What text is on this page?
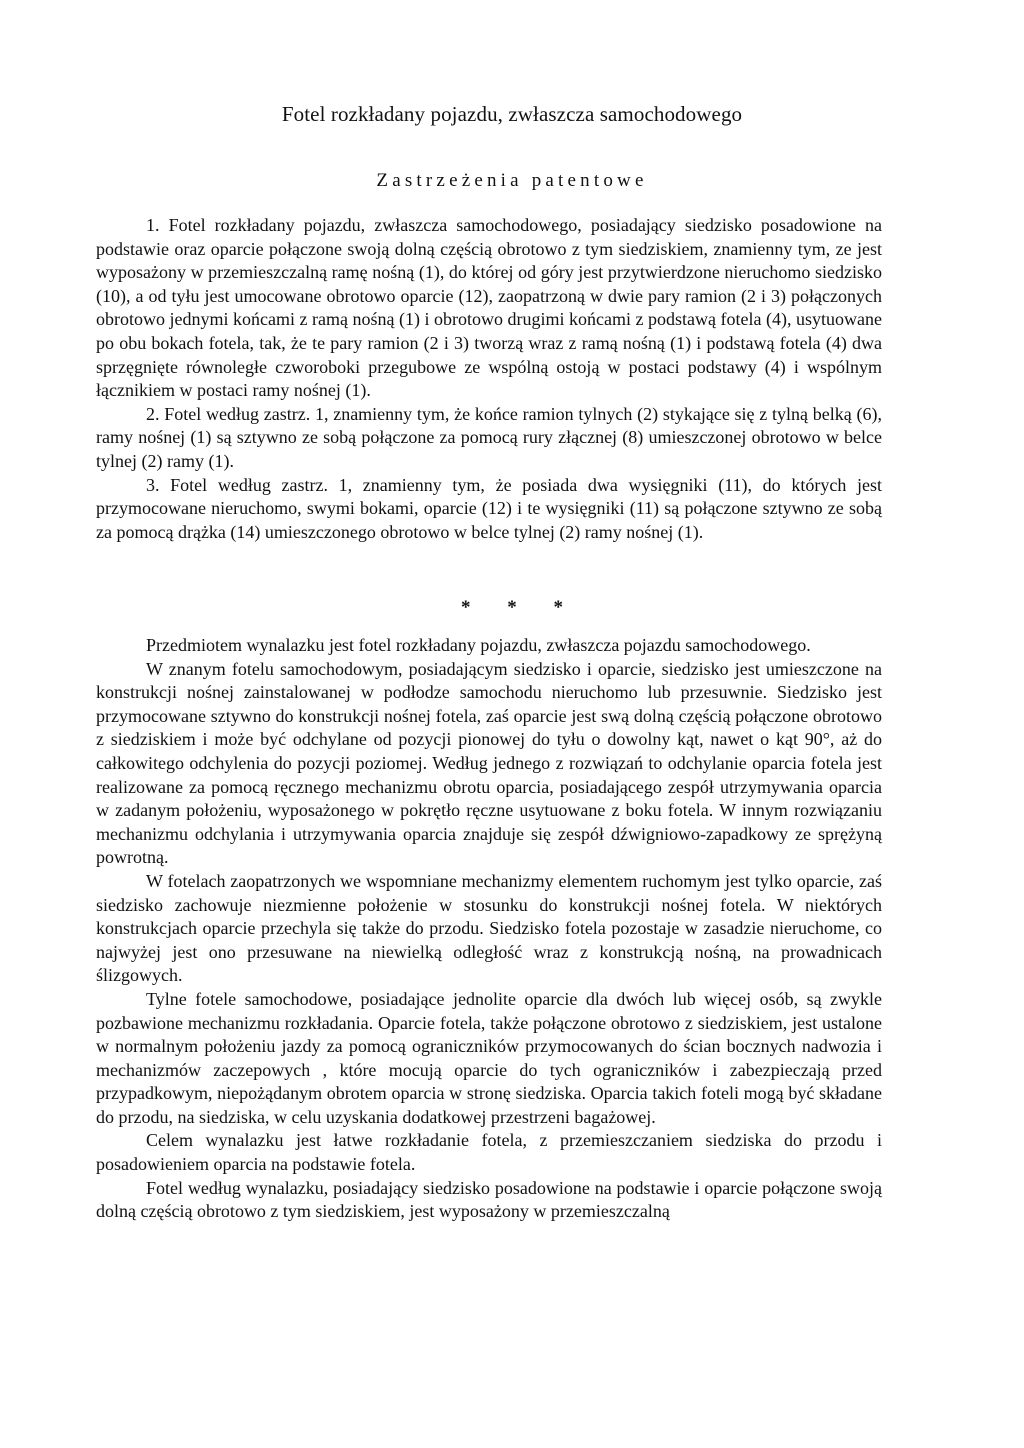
Fotel rozkładany pojazdu, zwłaszcza samochodowego
Zastrzeżenia patentowe

1. Fotel rozkładany pojazdu, zwłaszcza samochodowego, posiadający siedzisko posadowione na podstawie oraz oparcie połączone swoją dolną częścią obrotowo z tym siedziskiem, znamienny tym, ze jest wyposażony w przemieszczalną ramę nośną (1), do której od góry jest przytwierdzone nieruchomo siedzisko (10), a od tyłu jest umocowane obrotowo oparcie (12), zaopatrzoną w dwie pary ramion (2 i 3) połączonych obrotowo jednymi końcami z ramą nośną (1) i obrotowo drugimi końcami z podstawą fotela (4), usytuowane po obu bokach fotela, tak, że te pary ramion (2 i 3) tworzą wraz z ramą nośną (1) i podstawą fotela (4) dwa sprzęgnięte równoległe czworoboki przegubowe ze wspólną ostoją w postaci podstawy (4) i wspólnym łącznikiem w postaci ramy nośnej (1).

2. Fotel według zastrz. 1, znamienny tym, że końce ramion tylnych (2) stykające się z tylną belką (6), ramy nośnej (1) są sztywno ze sobą połączone za pomocą rury złącznej (8) umieszczonej obrotowo w belce tylnej (2) ramy (1).

3. Fotel według zastrz. 1, znamienny tym, że posiada dwa wysięgniki (11), do których jest przymocowane nieruchomo, swymi bokami, oparcie (12) i te wysięgniki (11) są połączone sztywno ze sobą za pomocą drążka (14) umieszczonego obrotowo w belce tylnej (2) ramy nośnej (1).

* * *

Przedmiotem wynalazku jest fotel rozkładany pojazdu, zwłaszcza pojazdu samochodowego.

W znanym fotelu samochodowym, posiadającym siedzisko i oparcie, siedzisko jest umieszczone na konstrukcji nośnej zainstalowanej w podłodze samochodu nieruchomo lub przesuwnie. Siedzisko jest przymocowane sztywno do konstrukcji nośnej fotela, zaś oparcie jest swą dolną częścią połączone obrotowo z siedziskiem i może być odchylane od pozycji pionowej do tyłu o dowolny kąt, nawet o kąt 90°, aż do całkowitego odchylenia do pozycji poziomej. Według jednego z rozwiązań to odchylanie oparcia fotela jest realizowane za pomocą ręcznego mechanizmu obrotu oparcia, posiadającego zespół utrzymywania oparcia w zadanym położeniu, wyposażonego w pokrętło ręczne usytuowane z boku fotela. W innym rozwiązaniu mechanizmu odchylania i utrzymywania oparcia znajduje się zespół dźwigniowo-zapadkowy ze sprężyną powrotną.

W fotelach zaopatrzonych we wspomniane mechanizmy elementem ruchomym jest tylko oparcie, zaś siedzisko zachowuje niezmienne położenie w stosunku do konstrukcji nośnej fotela. W niektórych konstrukcjach oparcie przechyla się także do przodu. Siedzisko fotela pozostaje w zasadzie nieruchome, co najwyżej jest ono przesuwane na niewielką odległość wraz z konstrukcją nośną, na prowadnicach ślizgowych.

Tylne fotele samochodowe, posiadające jednolite oparcie dla dwóch lub więcej osób, są zwykle pozbawione mechanizmu rozkładania. Oparcie fotela, także połączone obrotowo z siedziskiem, jest ustalone w normalnym położeniu jazdy za pomocą ograniczników przymocowanych do ścian bocznych nadwozia i mechanizmów zaczepowych , które mocują oparcie do tych ograniczników i zabezpieczają przed przypadkowym, niepożądanym obrotem oparcia w stronę siedziska. Oparcia takich foteli mogą być składane do przodu, na siedziska, w celu uzyskania dodatkowej przestrzeni bagażowej.

Celem wynalazku jest łatwe rozkładanie fotela, z przemieszczaniem siedziska do przodu i posadowieniem oparcia na podstawie fotela.

Fotel według wynalazku, posiadający siedzisko posadowione na podstawie i oparcie połączone swoją dolną częścią obrotowo z tym siedziskiem, jest wyposażony w przemieszczalną
